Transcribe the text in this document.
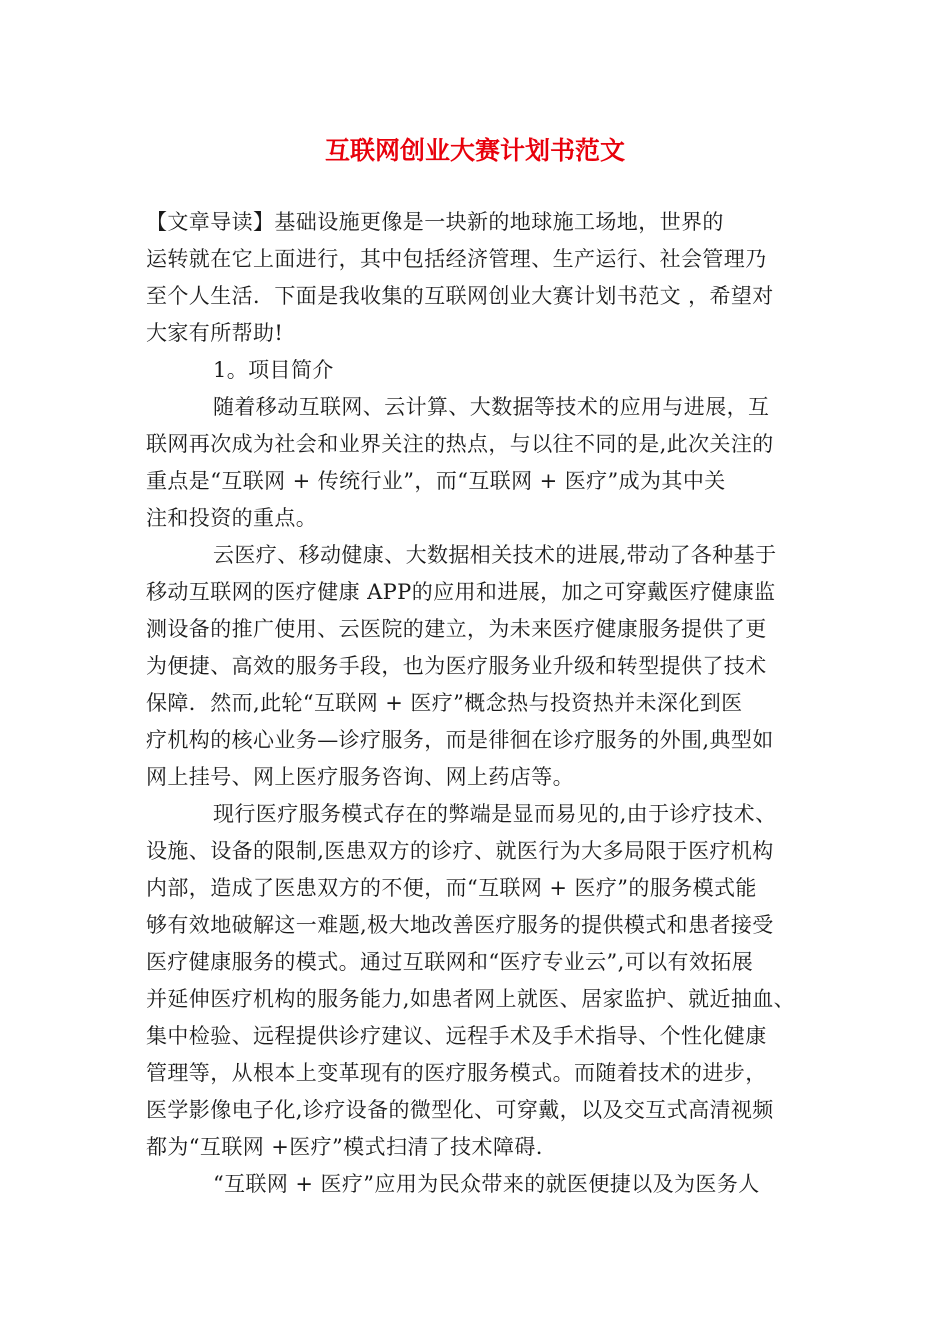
互联网创业大赛计划书范文

【文章导读】基础设施更像是一块新的地球施工场地，世界的

运转就在它上面进行，其中包括经济管理、生产运行、社会管理乃

至个人生活．下面是我收集的互联网创业大赛计划书范文 ，希望对

大家有所帮助!

1。项目简介

随着移动互联网、云计算、大数据等技术的应用与进展，互

联网再次成为社会和业界关注的热点，与以往不同的是,此次关注的

重点是“互联网 + 传统行业”，而“互联网 + 医疗”成为其中关

注和投资的重点。

云医疗、移动健康、大数据相关技术的进展,带动了各种基于

移动互联网的医疗健康 APP的应用和进展，加之可穿戴医疗健康监

测设备的推广使用、云医院的建立，为未来医疗健康服务提供了更

为便捷、高效的服务手段，也为医疗服务业升级和转型提供了技术

保障．然而,此轮“互联网 + 医疗”概念热与投资热并未深化到医

疗机构的核心业务—诊疗服务，而是徘徊在诊疗服务的外围,典型如

网上挂号、网上医疗服务咨询、网上药店等。

现行医疗服务模式存在的弊端是显而易见的,由于诊疗技术、

设施、设备的限制,医患双方的诊疗、就医行为大多局限于医疗机构

内部，造成了医患双方的不便，而“互联网 + 医疗”的服务模式能

够有效地破解这一难题,极大地改善医疗服务的提供模式和患者接受

医疗健康服务的模式。通过互联网和“医疗专业云”,可以有效拓展

并延伸医疗机构的服务能力,如患者网上就医、居家监护、就近抽血、

集中检验、远程提供诊疗建议、远程手术及手术指导、个性化健康

管理等，从根本上变革现有的医疗服务模式。而随着技术的进步，

医学影像电子化,诊疗设备的微型化、可穿戴，以及交互式高清视频

都为“互联网 +医疗”模式扫清了技术障碍.

“互联网 + 医疗”应用为民众带来的就医便捷以及为医务人
